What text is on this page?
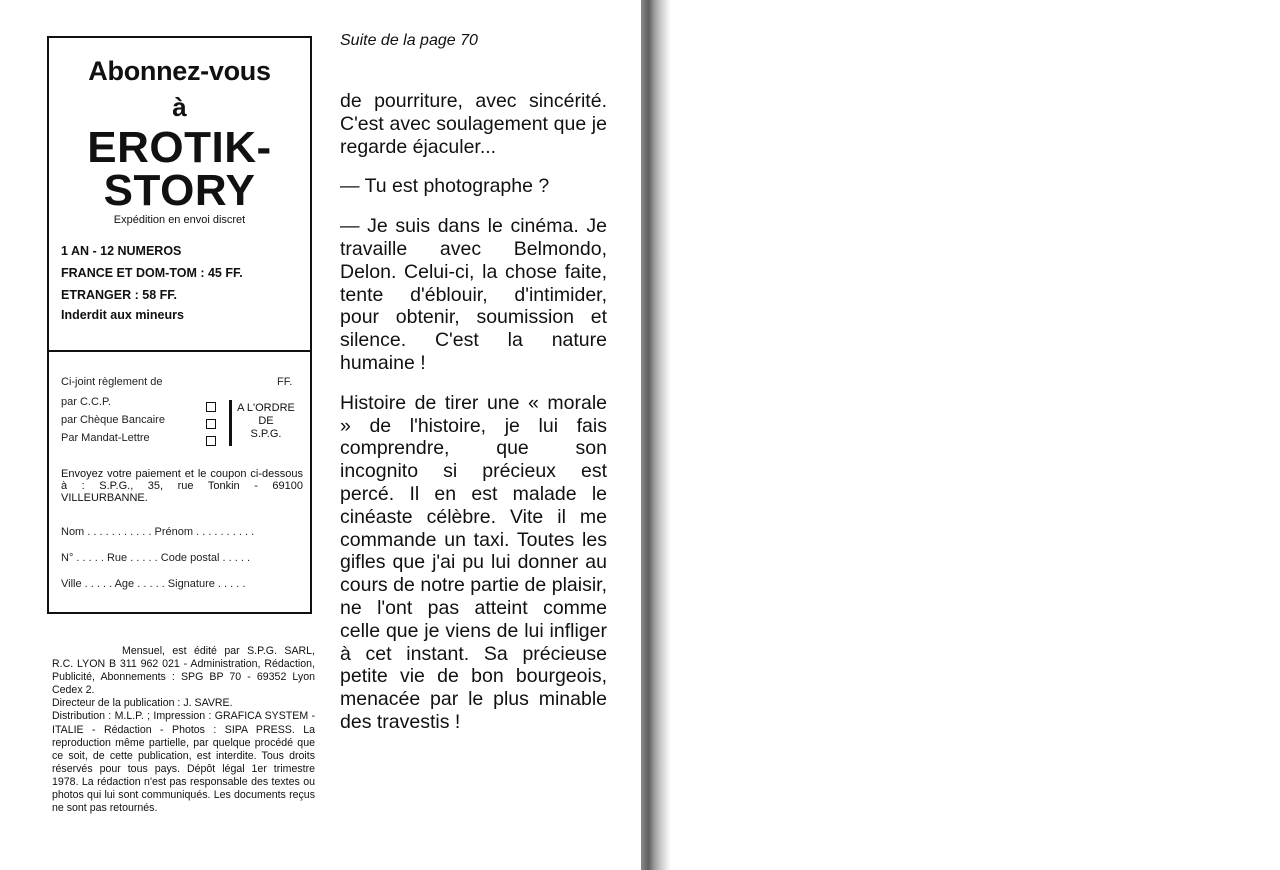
Abonnez-vous
à
EROTIK-
STORY
Expédition en envoi discret
1 AN - 12 NUMEROS
FRANCE ET DOM-TOM : 45 FF.
ETRANGER : 58 FF.
Inderdit aux mineurs
Ci-joint règlement de	FF.
par C.C.P.
par Chèque Bancaire
Par Mandat-Lettre
A L'ORDRE
DE
S.P.G.
Envoyez votre paiement et le coupon ci-dessous à : S.P.G., 35, rue Tonkin - 69100 VILLEURBANNE.
Nom . . . . . . . . . . . Prénom . . . . . . . . . .
N° . . . . . Rue . . . . . Code postal . . . . .
Ville . . . . . Age . . . . . Signature . . . . .

Mensuel, est édité par S.P.G. SARL, R.C. LYON B 311 962 021 - Administration, Rédaction, Publicité, Abonnements : SPG BP 70 - 69352 Lyon Cedex 2.

Directeur de la publication : J. SAVRE.

Distribution : M.L.P. ; Impression : GRAFICA SYSTEM - ITALIE - Rédaction - Photos : SIPA PRESS. La reproduction même partielle, par quelque procédé que ce soit, de cette publication, est interdite. Tous droits réservés pour tous pays. Dépôt légal 1er trimestre 1978. La rédaction n'est pas responsable des textes ou photos qui lui sont communiqués. Les documents reçus ne sont pas retournés.

Suite de la page 70

de pourriture, avec sincérité. C'est avec soulagement que je regarde éjaculer...

— Tu est photographe ?

— Je suis dans le cinéma. Je travaille avec Belmondo, Delon. Celui-ci, la chose faite, tente d'éblouir, d'intimider, pour obtenir, soumission et silence. C'est la nature humaine !

Histoire de tirer une « morale » de l'histoire, je lui fais comprendre, que son incognito si précieux est percé. Il en est malade le cinéaste célèbre. Vite il me commande un taxi. Toutes les gifles que j'ai pu lui donner au cours de notre partie de plaisir, ne l'ont pas atteint comme celle que je viens de lui infliger à cet instant. Sa précieuse petite vie de bon bourgeois, menacée par le plus minable des travestis !
